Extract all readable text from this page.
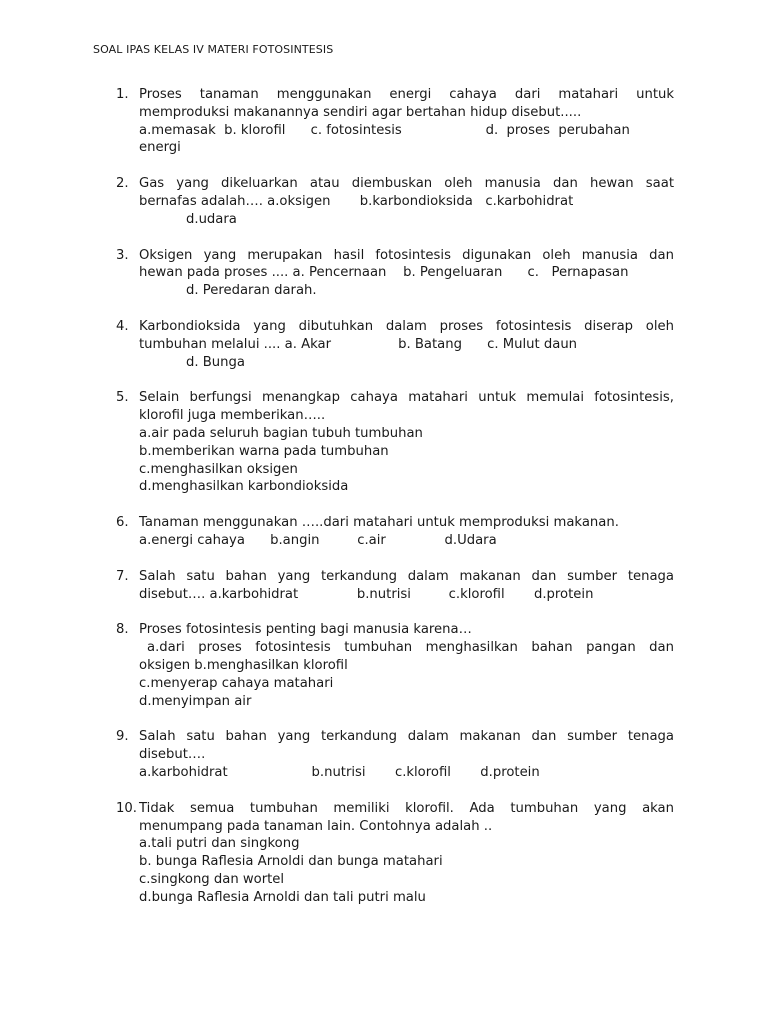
SOAL IPAS KELAS IV MATERI FOTOSINTESIS
1. Proses tanaman menggunakan energi cahaya dari matahari untuk
memproduksi makanannya sendiri agar bertahan hidup disebut.....
a.memasak  b. klorofil      c. fotosintesis                    d.  proses  perubahan
energi
2. Gas yang dikeluarkan atau diembuskan oleh manusia dan hewan saat
bernafas adalah…. a.oksigen       b.karbondioksida   c.karbohidrat
d.udara
3. Oksigen yang merupakan hasil fotosintesis digunakan oleh manusia dan
hewan pada proses .... a. Pencernaan    b. Pengeluaran      c.   Pernapasan
d. Peredaran darah.
4. Karbondioksida yang dibutuhkan dalam proses fotosintesis diserap oleh
tumbuhan melalui .... a. Akar                b. Batang      c. Mulut daun
d. Bunga
5. Selain berfungsi menangkap cahaya matahari untuk memulai fotosintesis,
klorofil juga memberikan…..
a.air pada seluruh bagian tubuh tumbuhan
b.memberikan warna pada tumbuhan
c.menghasilkan oksigen
d.menghasilkan karbondioksida
6. Tanaman menggunakan …..dari matahari untuk memproduksi makanan.
a.energi cahaya      b.angin         c.air              d.Udara
7. Salah satu bahan yang terkandung dalam makanan dan sumber tenaga
disebut…. a.karbohidrat              b.nutrisi         c.klorofil       d.protein
8. Proses fotosintesis penting bagi manusia karena…
a.dari proses fotosintesis tumbuhan menghasilkan bahan pangan dan
oksigen b.menghasilkan klorofil
c.menyerap cahaya matahari
d.menyimpan air
9. Salah satu bahan yang terkandung dalam makanan dan sumber tenaga
disebut….
a.karbohidrat                    b.nutrisi       c.klorofil       d.protein
10. Tidak semua tumbuhan memiliki klorofil. Ada tumbuhan yang akan
menumpang pada tanaman lain. Contohnya adalah ..
a.tali putri dan singkong
b. bunga Raflesia Arnoldi dan bunga matahari
c.singkong dan wortel
d.bunga Raflesia Arnoldi dan tali putri malu
